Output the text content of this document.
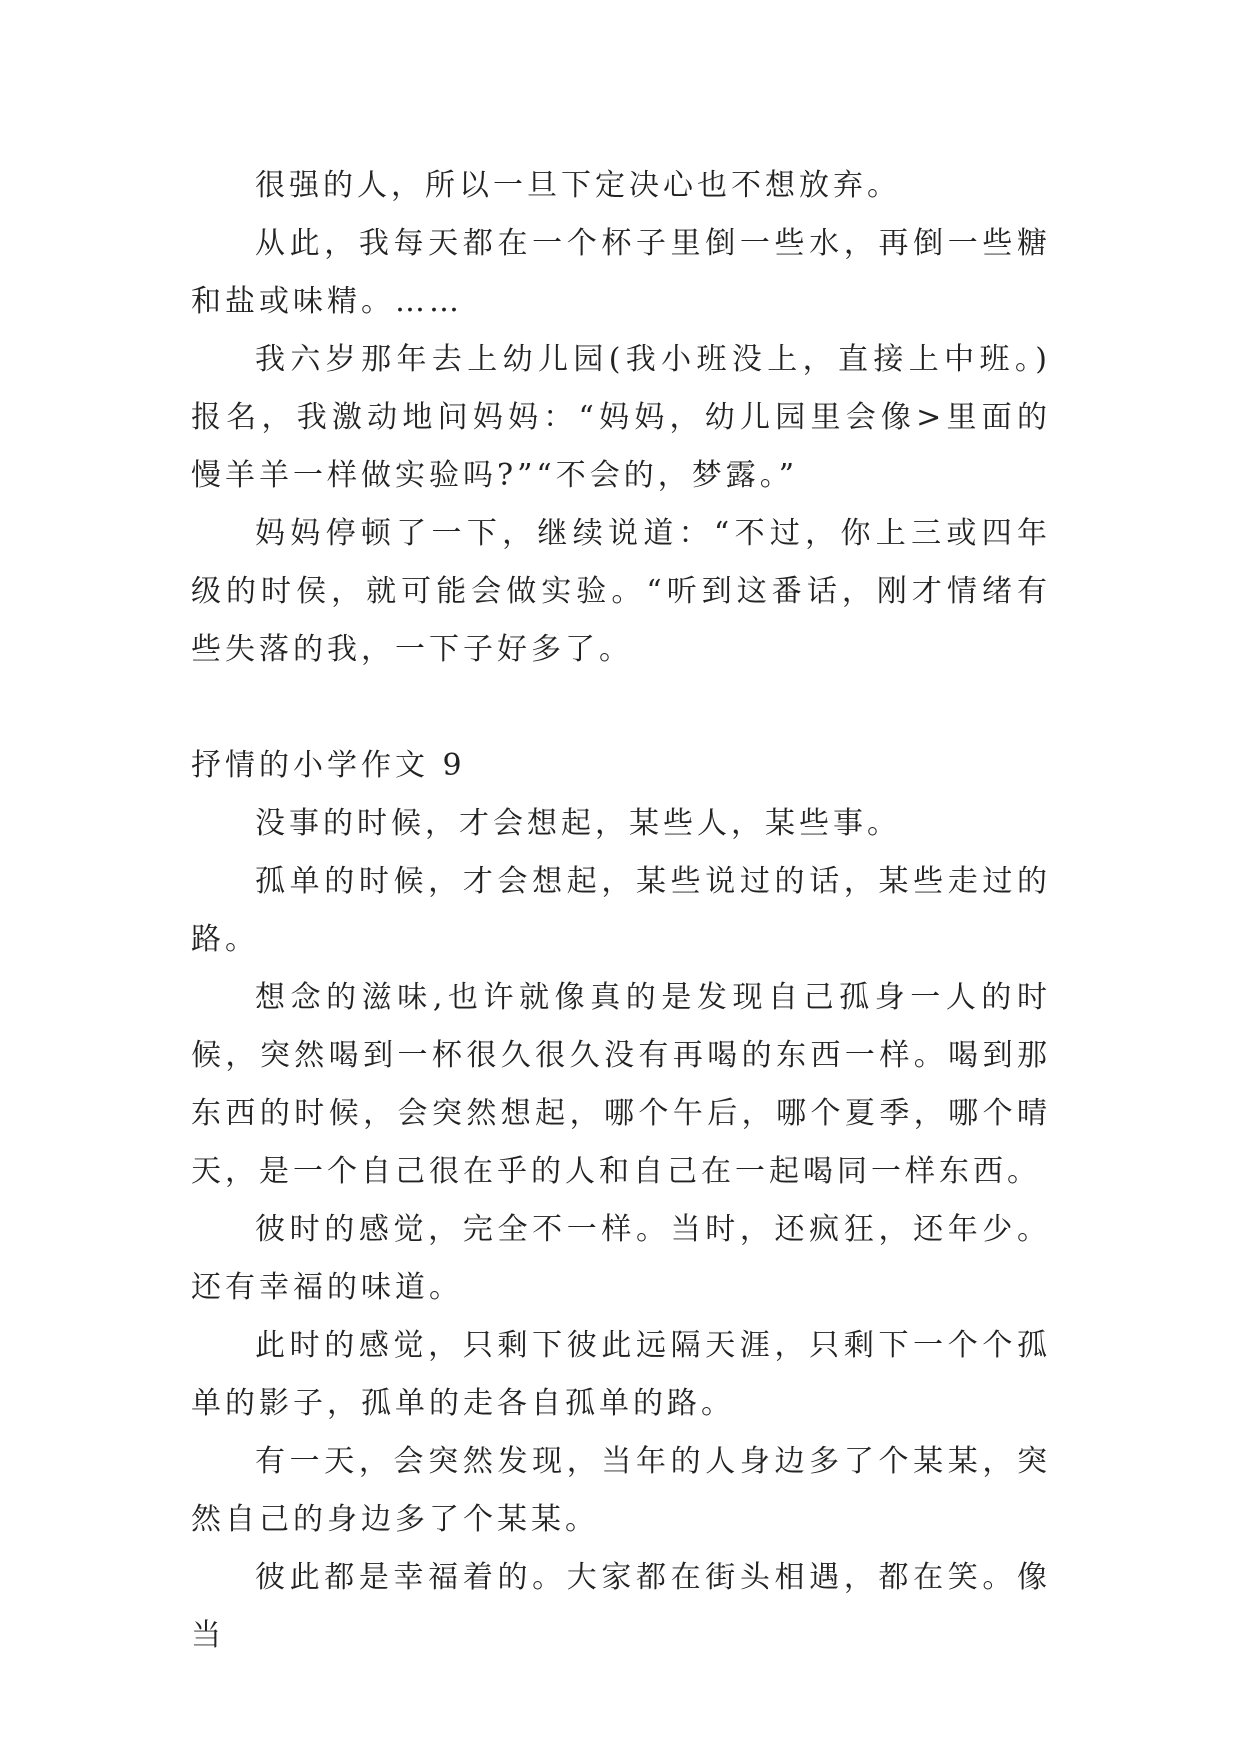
很强的人，所以一旦下定决心也不想放弃。

从此，我每天都在一个杯子里倒一些水，再倒一些糖和盐或味精。……

我六岁那年去上幼儿园(我小班没上，直接上中班。)报名，我激动地问妈妈：“妈妈，幼儿园里会像>里面的慢羊羊一样做实验吗?”“不会的，梦露。”

妈妈停顿了一下，继续说道：“不过，你上三或四年级的时侯，就可能会做实验。“听到这番话，刚才情绪有些失落的我，一下子好多了。

抒情的小学作文 9

没事的时候，才会想起，某些人，某些事。

孤单的时候，才会想起，某些说过的话，某些走过的路。

想念的滋味,也许就像真的是发现自己孤身一人的时候，突然喝到一杯很久很久没有再喝的东西一样。喝到那东西的时候，会突然想起，哪个午后，哪个夏季，哪个晴天，是一个自己很在乎的人和自己在一起喝同一样东西。

彼时的感觉，完全不一样。当时，还疯狂，还年少。还有幸福的味道。

此时的感觉，只剩下彼此远隔天涯，只剩下一个个孤单的影子，孤单的走各自孤单的路。

有一天，会突然发现，当年的人身边多了个某某，突然自己的身边多了个某某。

彼此都是幸福着的。大家都在街头相遇，都在笑。像当
